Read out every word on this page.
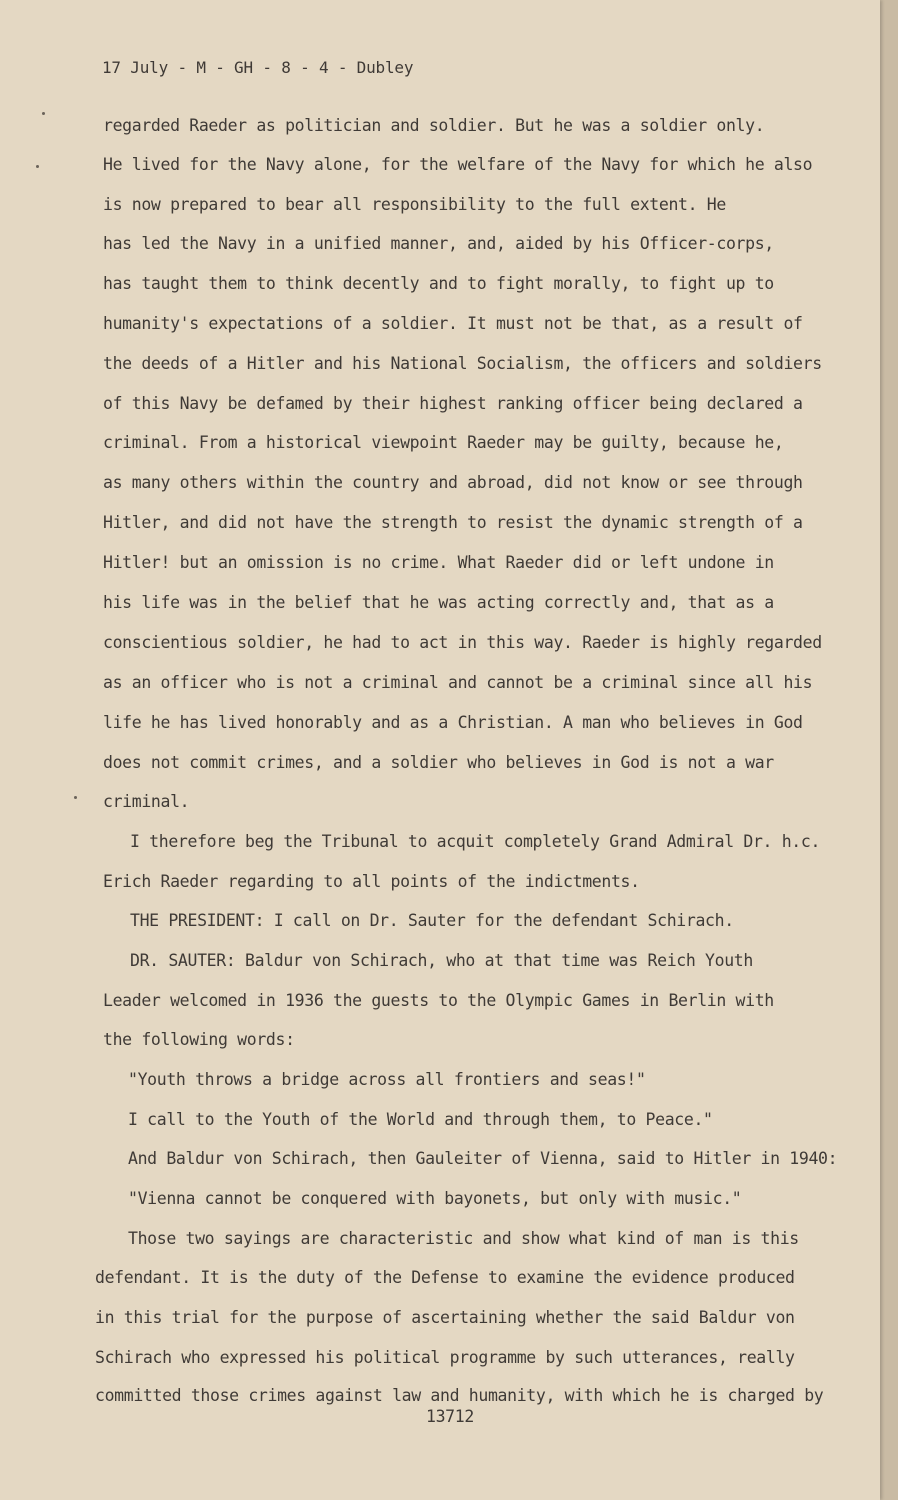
17 July - M - GH - 8 - 4 - Dubley
regarded Raeder as politician and soldier. But he was a soldier only.
He lived for the Navy alone, for the welfare of the Navy for which he also
is now prepared to bear all responsibility to the full extent. He
has led the Navy in a unified manner, and, aided by his Officer-corps,
has taught them to think decently and to fight morally, to fight up to
humanity's expectations of a soldier. It must not be that, as a result of
the deeds of a Hitler and his National Socialism, the officers and soldiers
of this Navy be defamed by their highest ranking officer being declared a
criminal. From a historical viewpoint Raeder may be guilty, because he,
as many others within the country and abroad, did not know or see through
Hitler, and did not have the strength to resist the dynamic strength of a
Hitler! but an omission is no crime. What Raeder did or left undone in
his life was in the belief that he was acting correctly and, that as a
conscientious soldier, he had to act in this way. Raeder is highly regarded
as an officer who is not a criminal and cannot be a criminal since all his
life he has lived honorably and as a Christian. A man who believes in God
does not commit crimes, and a soldier who believes in God is not a war
criminal.
I therefore beg the Tribunal to acquit completely Grand Admiral Dr. h.c.
Erich Raeder regarding to all points of the indictments.
THE PRESIDENT: I call on Dr. Sauter for the defendant Schirach.
DR. SAUTER: Baldur von Schirach, who at that time was Reich Youth
Leader welcomed in 1936 the guests to the Olympic Games in Berlin with
the following words:
"Youth throws a bridge across all frontiers and seas!"
I call to the Youth of the World and through them, to Peace."
And Baldur von Schirach, then Gauleiter of Vienna, said to Hitler in 1940:
"Vienna cannot be conquered with bayonets, but only with music."
Those two sayings are characteristic and show what kind of man is this
defendant. It is the duty of the Defense to examine the evidence produced
in this trial for the purpose of ascertaining whether the said Baldur von
Schirach who expressed his political programme by such utterances, really
committed those crimes against law and humanity, with which he is charged by
13712
